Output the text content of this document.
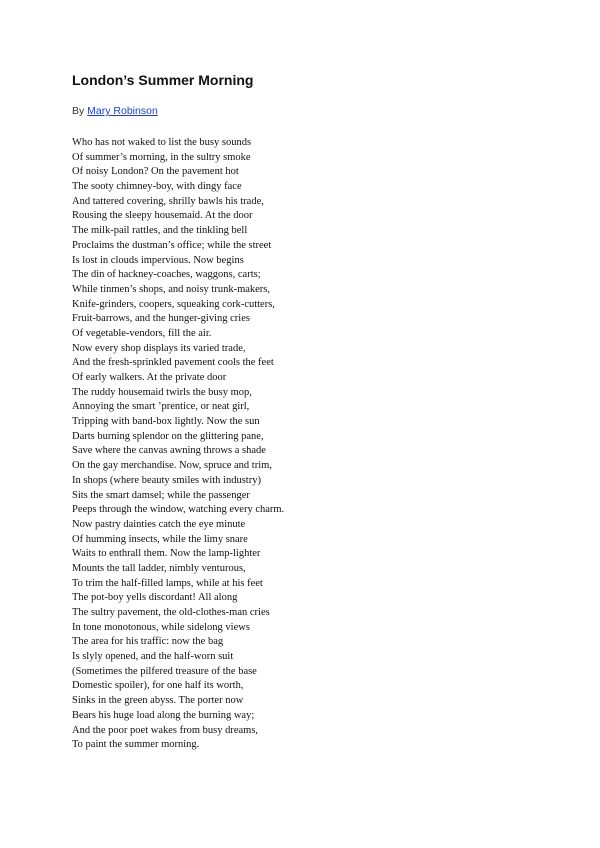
London’s Summer Morning

By Mary Robinson

Who has not waked to list the busy sounds
Of summer’s morning, in the sultry smoke
Of noisy London? On the pavement hot
The sooty chimney-boy, with dingy face
And tattered covering, shrilly bawls his trade,
Rousing the sleepy housemaid. At the door
The milk-pail rattles, and the tinkling bell
Proclaims the dustman’s office; while the street
Is lost in clouds impervious. Now begins
The din of hackney-coaches, waggons, carts;
While tinmen’s shops, and noisy trunk-makers,
Knife-grinders, coopers, squeaking cork-cutters,
Fruit-barrows, and the hunger-giving cries
Of vegetable-vendors, fill the air.
Now every shop displays its varied trade,
And the fresh-sprinkled pavement cools the feet
Of early walkers. At the private door
The ruddy housemaid twirls the busy mop,
Annoying the smart ’prentice, or neat girl,
Tripping with band-box lightly. Now the sun
Darts burning splendor on the glittering pane,
Save where the canvas awning throws a shade
On the gay merchandise. Now, spruce and trim,
In shops (where beauty smiles with industry)
Sits the smart damsel; while the passenger
Peeps through the window, watching every charm.
Now pastry dainties catch the eye minute
Of humming insects, while the limy snare
Waits to enthrall them. Now the lamp-lighter
Mounts the tall ladder, nimbly venturous,
To trim the half-filled lamps, while at his feet
The pot-boy yells discordant! All along
The sultry pavement, the old-clothes-man cries
In tone monotonous, while sidelong views
The area for his traffic: now the bag
Is slyly opened, and the half-worn suit
(Sometimes the pilfered treasure of the base
Domestic spoiler), for one half its worth,
Sinks in the green abyss. The porter now
Bears his huge load along the burning way;
And the poor poet wakes from busy dreams,
To paint the summer morning.
